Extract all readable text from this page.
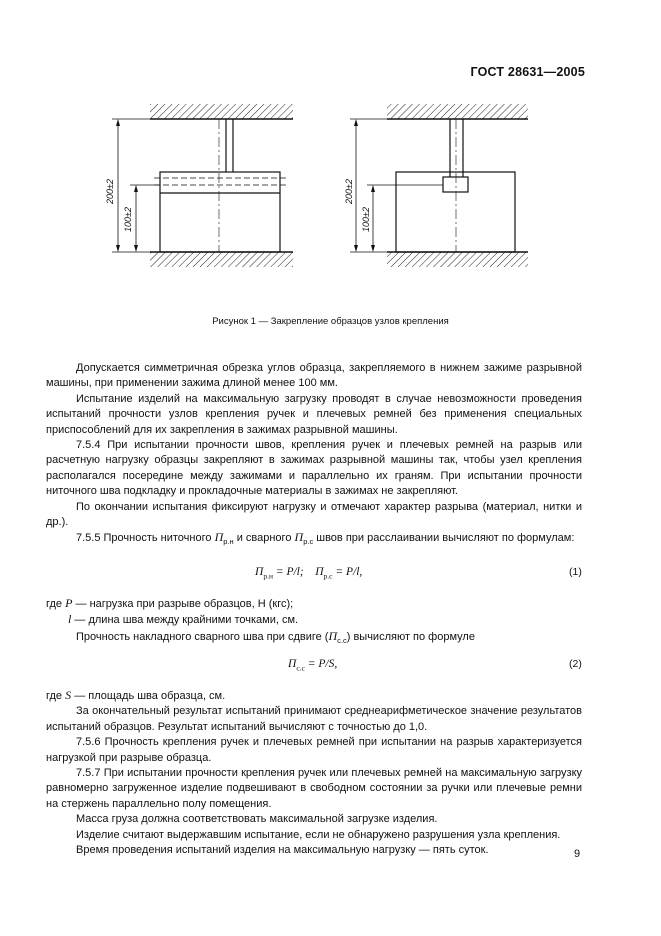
ГОСТ 28631—2005
200±2
100±2
200±2
100±2
Рисунок 1 — Закрепление образцов узлов крепления

Допускается симметричная обрезка углов образца, закрепляемого в нижнем зажиме разрывной машины, при применении зажима длиной менее 100 мм.

Испытание изделий на максимальную загрузку проводят в случае невозможности проведения испытаний прочности узлов крепления ручек и плечевых ремней без применения специальных приспособлений для их закрепления в зажимах разрывной машины.

7.5.4 При испытании прочности швов, крепления ручек и плечевых ремней на разрыв или расчетную нагрузку образцы закрепляют в зажимах разрывной машины так, чтобы узел крепления располагался посередине между зажимами и параллельно их граням. При испытании прочности ниточного шва подкладку и прокладочные материалы в зажимах не закрепляют.

По окончании испытания фиксируют нагрузку и отмечают характер разрыва (материал, нитки и др.).

7.5.5 Прочность ниточного $П_{р.н}$ и сварного $П_{р.с}$ швов при расслаивании вычисляют по формулам:

$П_{р.н} = P/l$; $П_{р.с} = P/l$,	(1)

где P — нагрузка при разрыве образцов, Н (кгс);

l — длина шва между крайними точками, см.

Прочность накладного сварного шва при сдвиге $(П_{с.с})$ вычисляют по формуле

$П_{с.с} = P/S$,	(2)

где S — площадь шва образца, см.

За окончательный результат испытаний принимают среднеарифметическое значение результатов испытаний образцов. Результат испытаний вычисляют с точностью до 1,0.

7.5.6 Прочность крепления ручек и плечевых ремней при испытании на разрыв характеризуется нагрузкой при разрыве образца.

7.5.7 При испытании прочности крепления ручек или плечевых ремней на максимальную загрузку равномерно загруженное изделие подвешивают в свободном состоянии за ручки или плечевые ремни на стержень параллельно полу помещения.

Масса груза должна соответствовать максимальной загрузке изделия.

Изделие считают выдержавшим испытание, если не обнаружено разрушения узла крепления.

Время проведения испытаний изделия на максимальную нагрузку — пять суток.	9
